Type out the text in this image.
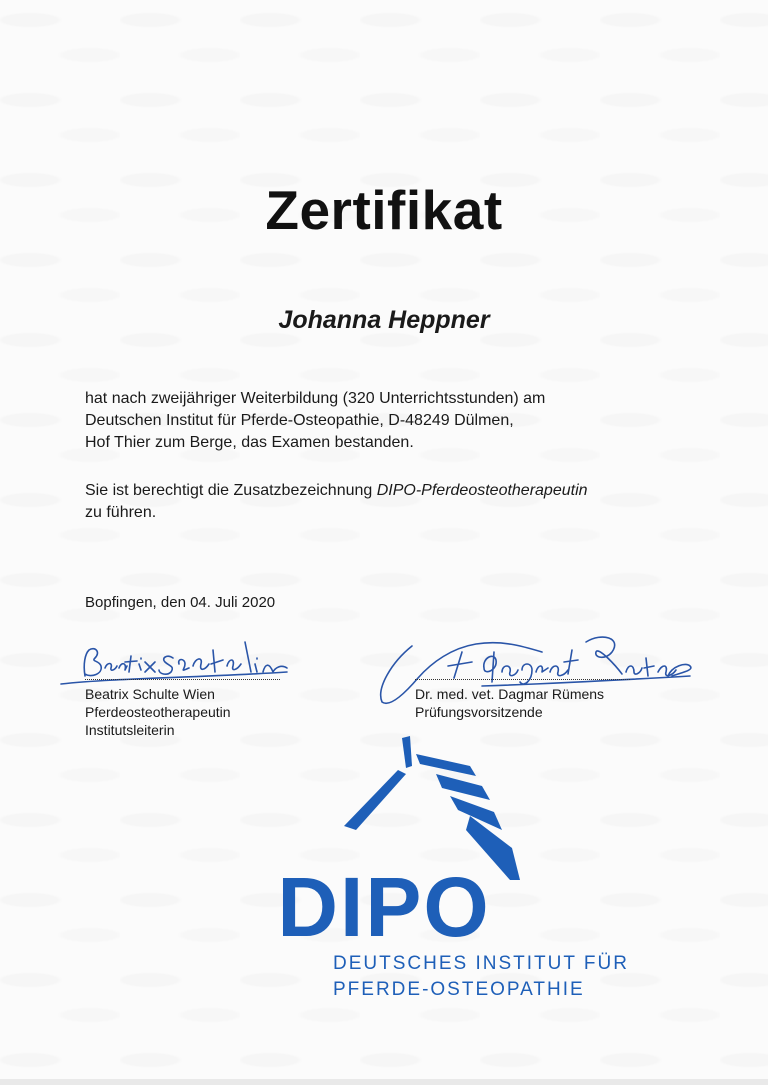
Zertifikat
Johanna Heppner
hat nach zweijähriger Weiterbildung (320 Unterrichtsstunden) am
Deutschen Institut für Pferde-Osteopathie, D-48249 Dülmen,
Hof Thier zum Berge, das Examen bestanden.
Sie ist berechtigt die Zusatzbezeichnung DIPO-Pferdeosteotherapeutin
zu führen.
Bopfingen, den 04. Juli 2020
Beatrix Schulte Wien
Pferdeosteotherapeutin
Institutsleiterin
Dr. med. vet. Dagmar Rümens
Prüfungsvorsitzende
DIPO
DEUTSCHES INSTITUT FÜR
PFERDE-OSTEOPATHIE
